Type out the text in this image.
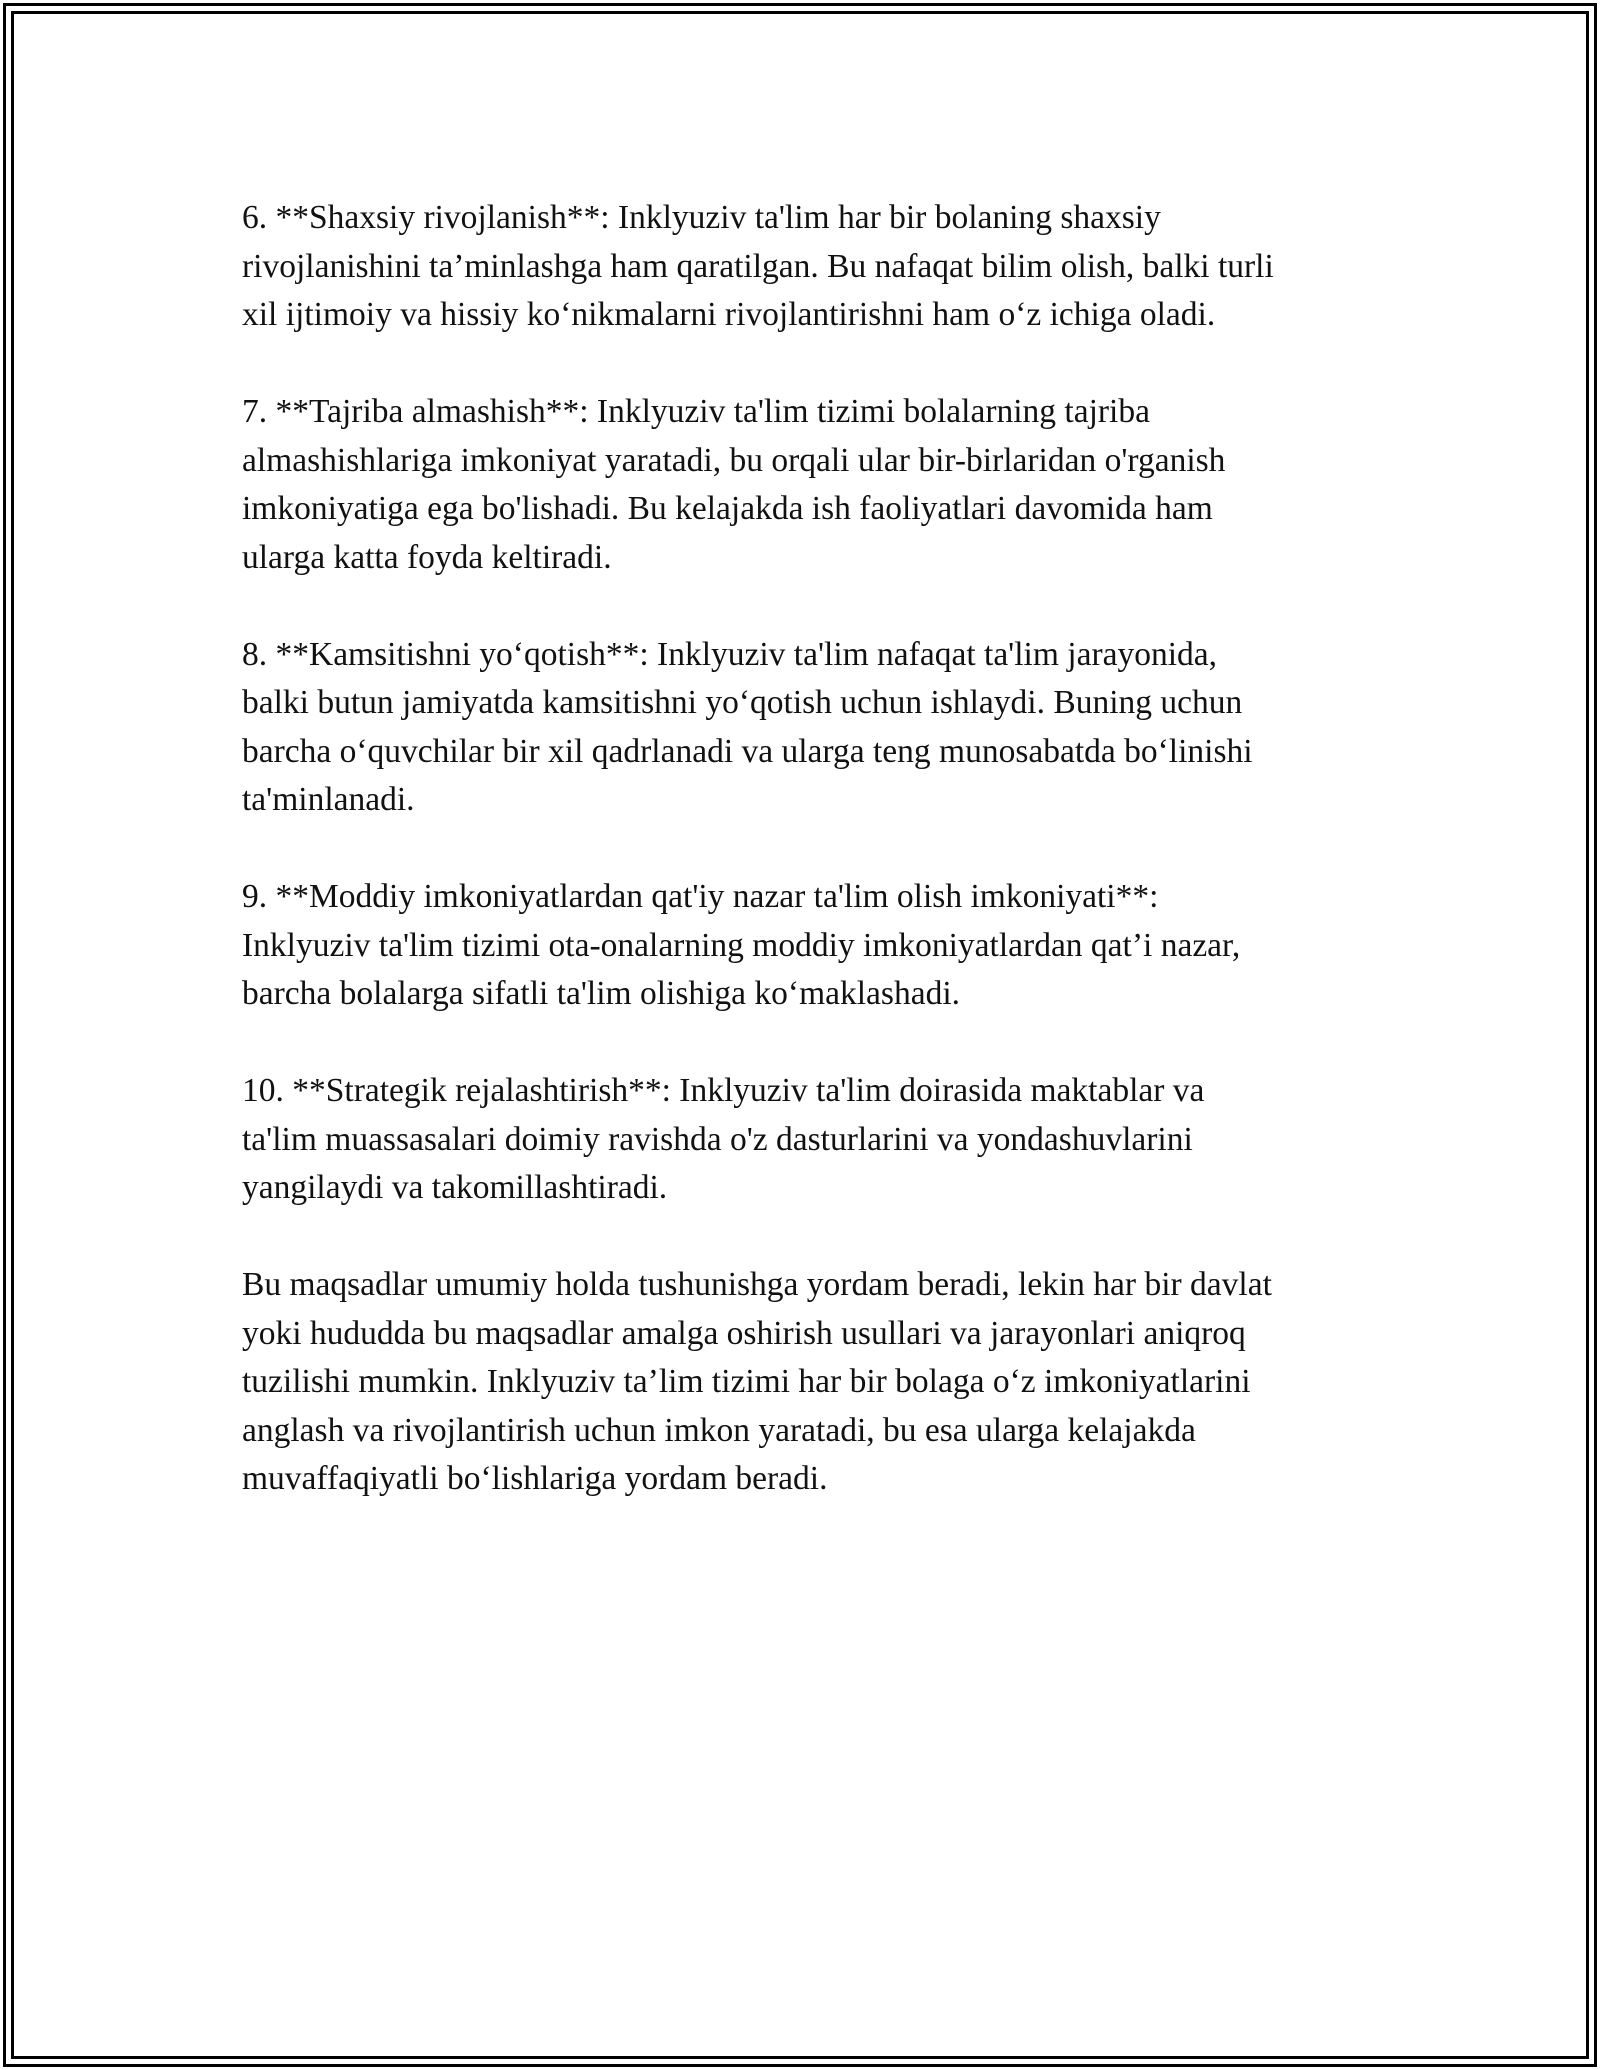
6. **Shaxsiy rivojlanish**: Inklyuziv ta'lim har bir bolaning shaxsiy
rivojlanishini ta’minlashga ham qaratilgan. Bu nafaqat bilim olish, balki turli
xil ijtimoiy va hissiy ko‘nikmalarni rivojlantirishni ham o‘z ichiga oladi.

7. **Tajriba almashish**: Inklyuziv ta'lim tizimi bolalarning tajriba
almashishlariga imkoniyat yaratadi, bu orqali ular bir-birlaridan o'rganish
imkoniyatiga ega bo'lishadi. Bu kelajakda ish faoliyatlari davomida ham
ularga katta foyda keltiradi.

8. **Kamsitishni yo‘qotish**: Inklyuziv ta'lim nafaqat ta'lim jarayonida,
balki butun jamiyatda kamsitishni yo‘qotish uchun ishlaydi. Buning uchun
barcha o‘quvchilar bir xil qadrlanadi va ularga teng munosabatda bo‘linishi
ta'minlanadi.

9. **Moddiy imkoniyatlardan qat'iy nazar ta'lim olish imkoniyati**:
Inklyuziv ta'lim tizimi ota-onalarning moddiy imkoniyatlardan qat’i nazar,
barcha bolalarga sifatli ta'lim olishiga ko‘maklashadi.

10. **Strategik rejalashtirish**: Inklyuziv ta'lim doirasida maktablar va
ta'lim muassasalari doimiy ravishda o'z dasturlarini va yondashuvlarini
yangilaydi va takomillashtiradi.

Bu maqsadlar umumiy holda tushunishga yordam beradi, lekin har bir davlat
yoki hududda bu maqsadlar amalga oshirish usullari va jarayonlari aniqroq
tuzilishi mumkin. Inklyuziv ta’lim tizimi har bir bolaga o‘z imkoniyatlarini
anglash va rivojlantirish uchun imkon yaratadi, bu esa ularga kelajakda
muvaffaqiyatli bo‘lishlariga yordam beradi.
